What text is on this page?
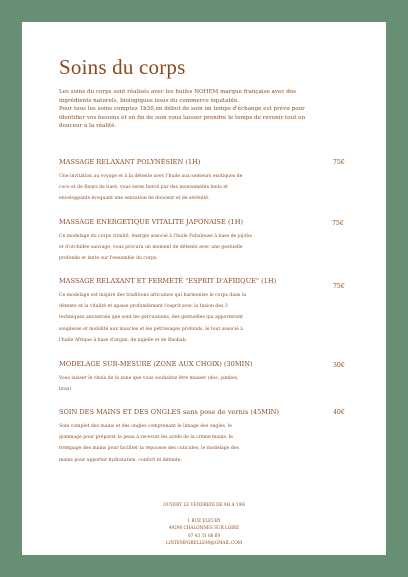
Soins du corps
Les soins du corps sont réalisés avec les huiles NOHEM marque française avec des
ingrédients naturels, biologiques issus du commerce équitable.
Pour tous les soins comptez 1h30,en début de soin un temps d'échange est prévu pour
identifier vos besoins et en fin de soin vous laisser prendre le temps de revenir tout en
douceur à la réalité.
MASSAGE RELAXANT POLYNÉSIEN (1H)
Une invitation au voyage et à la détente avec l'huile aux senteurs exotiques de
coco et de fleurs de tiaré, vous serez bercé par des mouvements lents et
enveloppants évoquant une sensation de douceur et de sérénité.
75€
MASSAGE ENERGETIQUE VITALITE JAPONAISE (1H)
Ce modelage du corps vitalité, énergie associé à l'huile Fabuleuse à base de jojoba
et d'orchidée sauvage, vous procura un moment de détente avec une gestuelle
profonde et lente sur l'ensemble du corps.
75€
MASSAGE RELAXANT ET FERMETÉ "ESPRIT D'AFRIQUE" (1H)
Ce modelage est inspiré des traditions africaines qui harmonise le corps dans la
détente et la vitalité et apaise profondément l'esprit avec la fusion des 3
techniques ancestrale que sont les percussions, des gestuelles qui apporteront
souplesse et mobilité aux muscles et les pétrissages profonds, le tout associé à
l'huile Afrique à base d'argan, de nigelle et de Baobab.
75€
MODELAGE SUR-MESURE (ZONE AUX CHOIX) (30MIN)
Vous laisser le choix de la zone que vous souhaitez être masser (dos, jambes,
bras)
30€
SOIN DES MAINS ET DES ONGLES sans pose de vernis (45MIN)
Soin complet des mains et des ongles comprenant le limage des ongles, le
gommage pour préparer la peau à recevoir les actifs de la crème mains, le
trempage des mains pour faciliter la repousse des cuticules, le modelage des
mains pour apporter hydratation, confort et détente.
40€
OUVERT LE VENDREDI DE 9H À 19H
1 RUE FLEURY
49290 CHALONNES SUR LOIRE
07 43 31 68 69
LINTEMPORELLE49@GMAIL.COM
